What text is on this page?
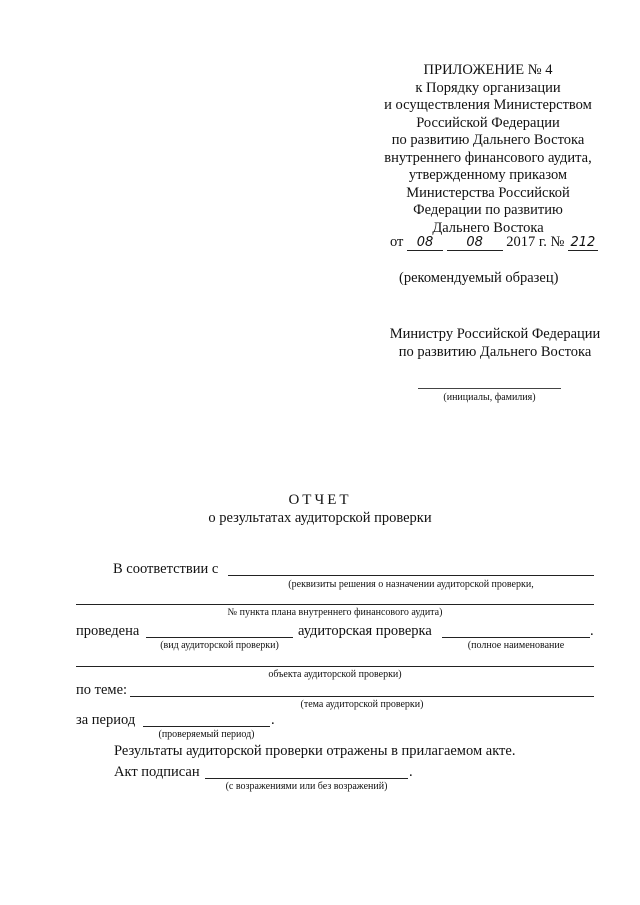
ПРИЛОЖЕНИЕ № 4
к Порядку организации
и осуществления Министерством
Российской Федерации
по развитию Дальнего Востока
внутреннего финансового аудита,
утвержденному приказом
Министерства Российской
Федерации по развитию
Дальнего Востока
от 08	08 2017 г. № 212
(рекомендуемый образец)
Министру Российской Федерации
по развитию Дальнего Востока
(инициалы, фамилия)
ОТЧЕТ
о результатах аудиторской проверки
В соответствии с
(реквизиты решения о назначении аудиторской проверки,
№ пункта плана внутреннего финансового аудита)
проведена
(вид аудиторской проверки)
аудиторская проверка	.
(полное наименование
объекта аудиторской проверки)
по теме:
(тема аудиторской проверки)
за период	.
(проверяемый период)
Результаты аудиторской проверки отражены в прилагаемом акте.
Акт подписан	.
(с возражениями или без возражений)
